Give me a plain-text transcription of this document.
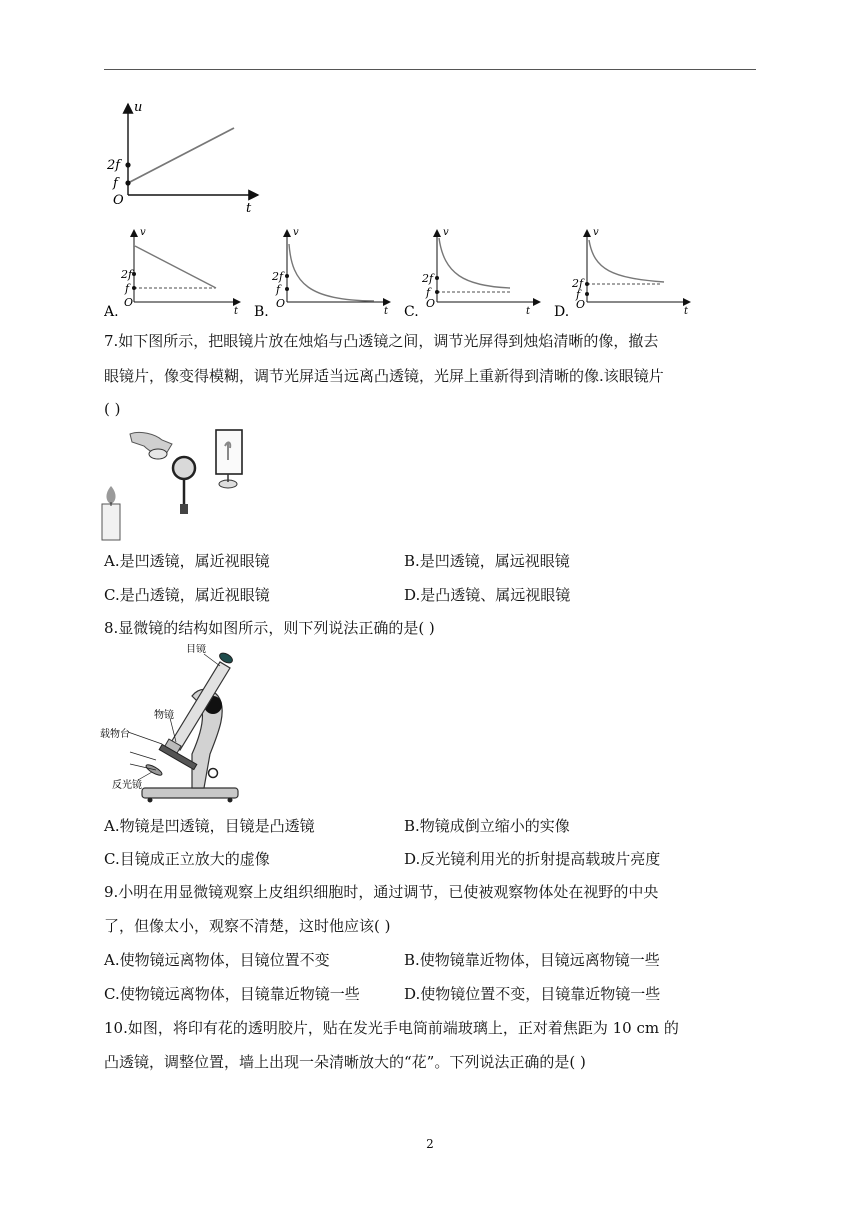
u
t
2f
f
O
A.
v
t
2f
f
O
B.
v
t
2f
f
O
C.
v
t
2f
f
O
D.
v
t
2f
f
O
7.如下图所示，把眼镜片放在烛焰与凸透镜之间，调节光屏得到烛焰清晰的像，撤去
眼镜片，像变得模糊，调节光屏适当远离凸透镜，光屏上重新得到清晰的像.该眼镜片
( )
A.是凹透镜，属近视眼镜	B.是凹透镜，属远视眼镜
C.是凸透镜，属近视眼镜	D.是凸透镜、属远视眼镜
8.显微镜的结构如图所示，则下列说法正确的是( )
目镜
物镜
载物台
反光镜
A.物镜是凹透镜，目镜是凸透镜	B.物镜成倒立缩小的实像
C.目镜成正立放大的虚像	D.反光镜利用光的折射提高载玻片亮度
9.小明在用显微镜观察上皮组织细胞时，通过调节，已使被观察物体处在视野的中央
了，但像太小，观察不清楚，这时他应该( )
A.使物镜远离物体，目镜位置不变	B.使物镜靠近物体，目镜远离物镜一些
C.使物镜远离物体，目镜靠近物镜一些	D.使物镜位置不变，目镜靠近物镜一些
10.如图，将印有花的透明胶片，贴在发光手电筒前端玻璃上，正对着焦距为 10 cm 的
凸透镜，调整位置，墙上出现一朵清晰放大的“花”。下列说法正确的是( )
2
